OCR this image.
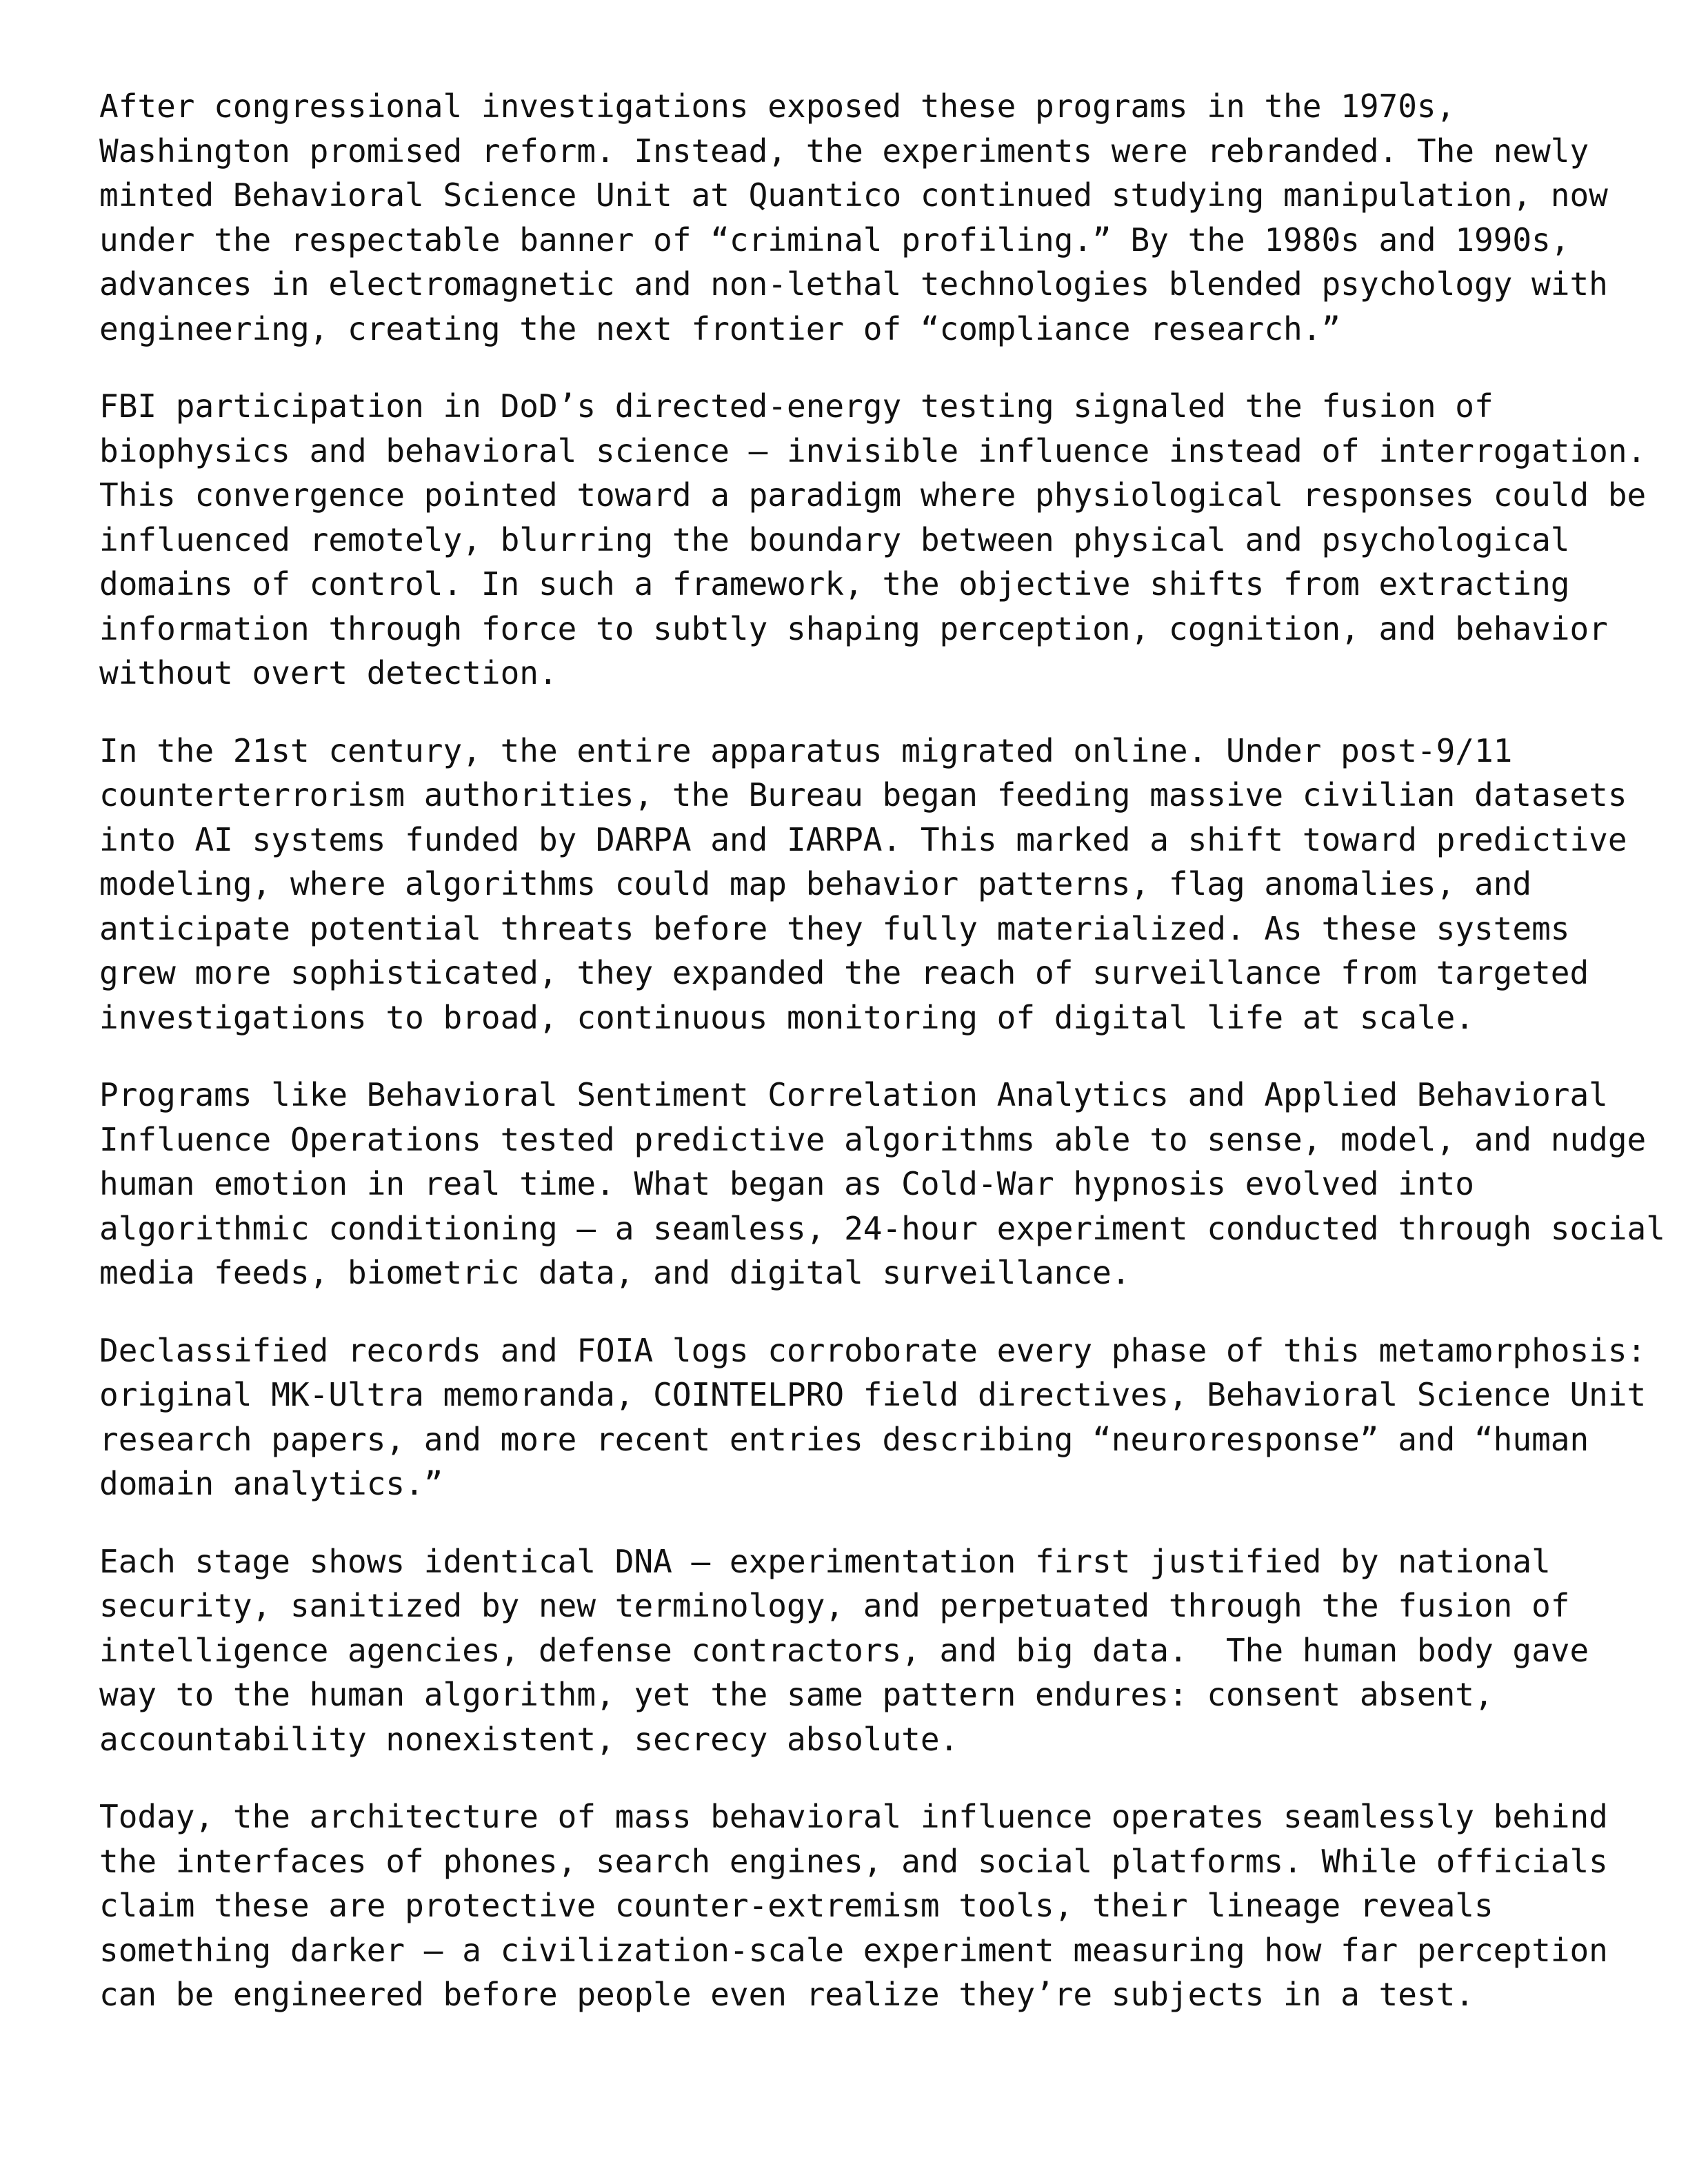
After congressional investigations exposed these programs in the 1970s,
Washington promised reform. Instead, the experiments were rebranded. The newly
minted Behavioral Science Unit at Quantico continued studying manipulation, now
under the respectable banner of “criminal profiling.” By the 1980s and 1990s,
advances in electromagnetic and non-lethal technologies blended psychology with
engineering, creating the next frontier of “compliance research.”

FBI participation in DoD’s directed-energy testing signaled the fusion of
biophysics and behavioral science — invisible influence instead of interrogation.
This convergence pointed toward a paradigm where physiological responses could be
influenced remotely, blurring the boundary between physical and psychological
domains of control. In such a framework, the objective shifts from extracting
information through force to subtly shaping perception, cognition, and behavior
without overt detection.

In the 21st century, the entire apparatus migrated online. Under post-9/11
counterterrorism authorities, the Bureau began feeding massive civilian datasets
into AI systems funded by DARPA and IARPA. This marked a shift toward predictive
modeling, where algorithms could map behavior patterns, flag anomalies, and
anticipate potential threats before they fully materialized. As these systems
grew more sophisticated, they expanded the reach of surveillance from targeted
investigations to broad, continuous monitoring of digital life at scale.

Programs like Behavioral Sentiment Correlation Analytics and Applied Behavioral
Influence Operations tested predictive algorithms able to sense, model, and nudge
human emotion in real time. What began as Cold-War hypnosis evolved into
algorithmic conditioning — a seamless, 24-hour experiment conducted through social
media feeds, biometric data, and digital surveillance.

Declassified records and FOIA logs corroborate every phase of this metamorphosis:
original MK-Ultra memoranda, COINTELPRO field directives, Behavioral Science Unit
research papers, and more recent entries describing “neuroresponse” and “human
domain analytics.”

Each stage shows identical DNA — experimentation first justified by national
security, sanitized by new terminology, and perpetuated through the fusion of
intelligence agencies, defense contractors, and big data.  The human body gave
way to the human algorithm, yet the same pattern endures: consent absent,
accountability nonexistent, secrecy absolute.

Today, the architecture of mass behavioral influence operates seamlessly behind
the interfaces of phones, search engines, and social platforms. While officials
claim these are protective counter-extremism tools, their lineage reveals
something darker — a civilization-scale experiment measuring how far perception
can be engineered before people even realize they’re subjects in a test.
